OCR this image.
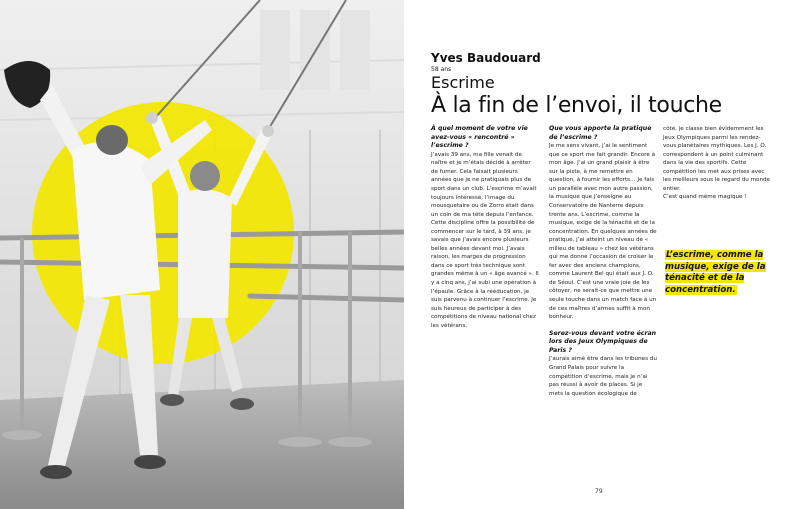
Yves Baudouard
58 ans
Escrime
À la fin de l’envoi, il touche

À quel moment de votre vie avez-vous « rencontré » l’escrime ?

J’avais 39 ans, ma fille venait de naître et je m’étais décidé à arrêter de fumer. Cela faisait plusieurs années que je ne pratiquais plus de sport dans un club. L’escrime m’avait toujours intéressé, l’image du mousquetaire ou de Zorro était dans un coin de ma tête depuis l’enfance. Cette discipline offre la possibilité de commencer sur le tard, à 39 ans, je savais que j’avais encore plusieurs belles années devant moi. J’avais raison, les marges de progression dans ce sport très technique sont grandes même à un « âge avancé ». Il y a cinq ans, j’ai subi une opération à l’épaule. Grâce à la rééducation, je suis parvenu à continuer l’escrime. Je suis heureux de participer à des compétitions de niveau national chez les vétérans.

Que vous apporte la pratique de l’escrime ?

Je me sens vivant, j’ai le sentiment que ce sport me fait grandir. Encore à mon âge. J’ai un grand plaisir à être sur la piste, à me remettre en question, à fournir les efforts… Je fais un parallèle avec mon autre passion, la musique que j’enseigne au Conservatoire de Nanterre depuis trente ans. L’escrime, comme la musique, exige de la ténacité et de la concentration. En quelques années de pratique, j’ai atteint un niveau de « milieu de tableau » chez les vétérans qui me donne l’occasion de croiser le fer avec des anciens champions, comme Laurent Bel qui était aux J. O. de Séoul. C’est une vraie joie de les côtoyer, ne serait-ce que mettre une seule touche dans un match face à un de ces maîtres d’armes suffit à mon bonheur.

Serez-vous devant votre écran lors des Jeux Olympiques de Paris ?

J’aurais aimé être dans les tribunes du Grand Palais pour suivre la compétition d’escrime, mais je n’ai pas réussi à avoir de places. Si je mets la question écologique de

côté, je classe bien évidemment les Jeux Olympiques parmi les rendez-vous planétaires mythiques. Les J. O. correspondent à un point culminant dans la vie des sportifs. Cette compétition les met aux prises avec les meilleurs sous le regard du monde entier.

C’est quand même magique !

L’escrime, comme la musique, exige de la ténacité et de la concentration.
79
